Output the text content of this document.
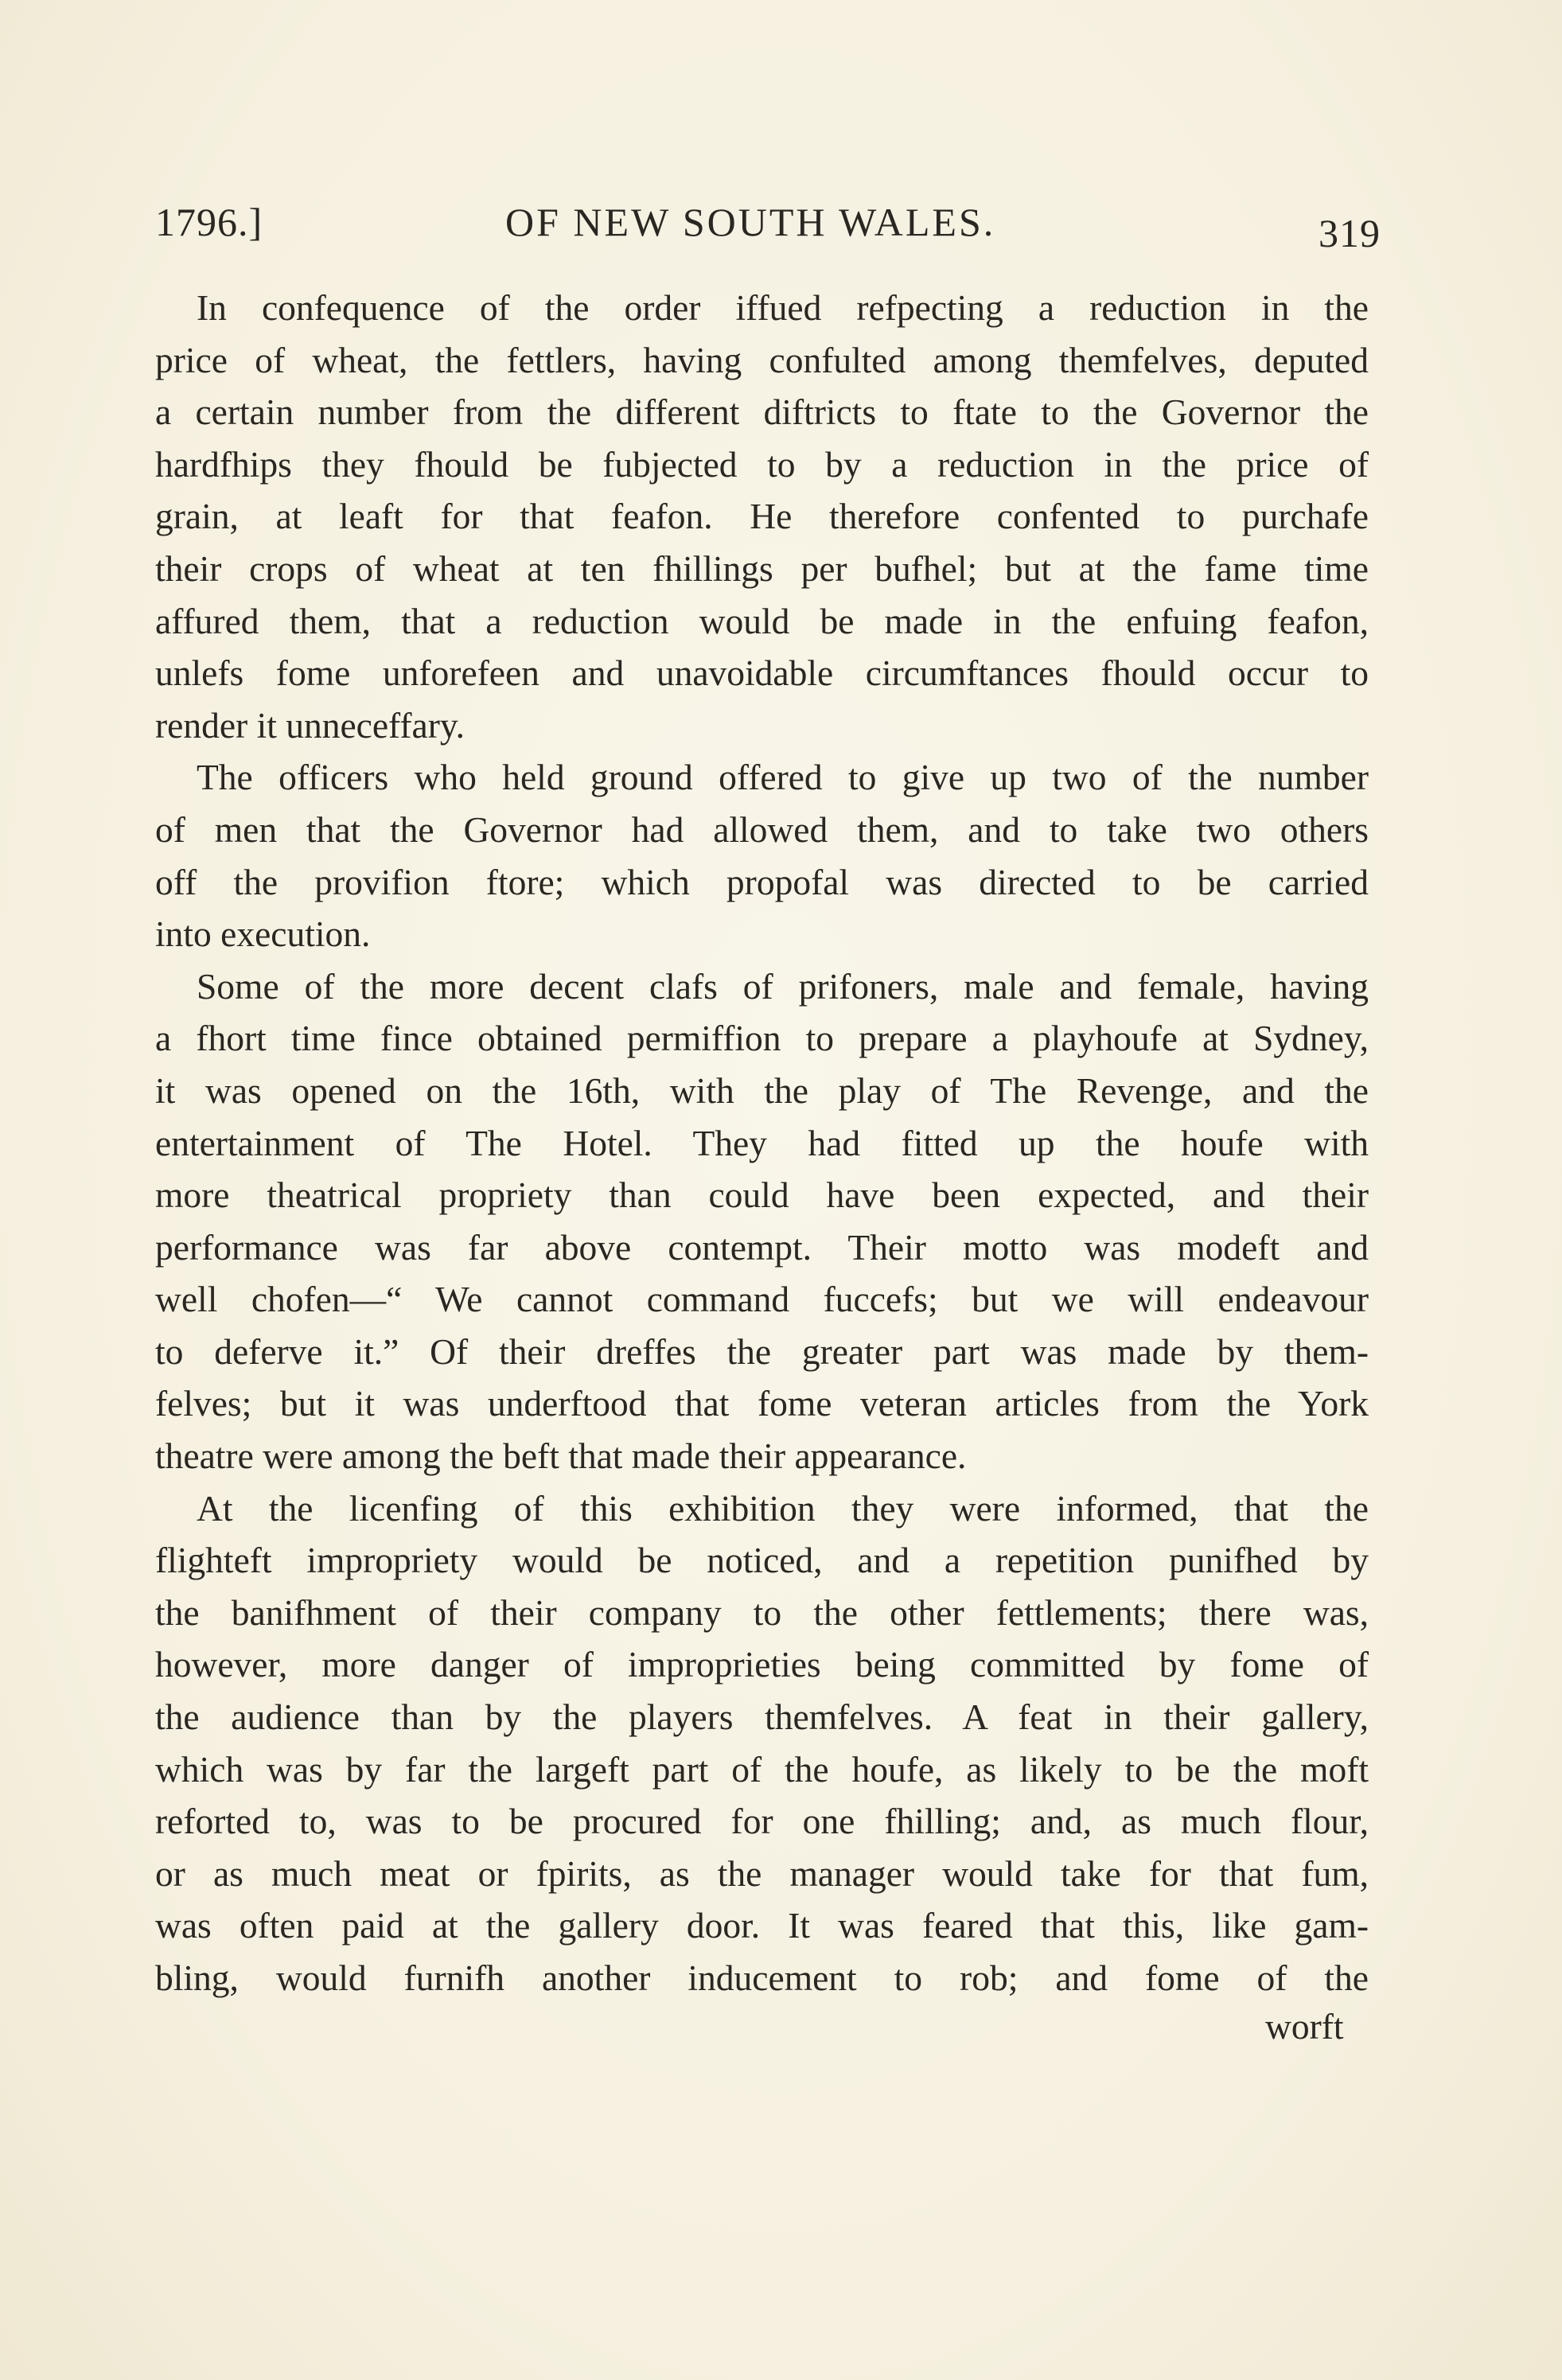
1796.]	OF NEW SOUTH WALES.	319
In confequence of the order iffued refpecting a reduction in the
price of wheat, the fettlers, having confulted among themfelves, deputed
a certain number from the different diftricts to ftate to the Governor the
hardfhips they fhould be fubjected to by a reduction in the price of
grain, at leaft for that feafon. He therefore confented to purchafe
their crops of wheat at ten fhillings per bufhel; but at the fame time
affured them, that a reduction would be made in the enfuing feafon,
unlefs fome unforefeen and unavoidable circumftances fhould occur to
render it unneceffary.
The officers who held ground offered to give up two of the number
of men that the Governor had allowed them, and to take two others
off the provifion ftore; which propofal was directed to be carried
into execution.
Some of the more decent clafs of prifoners, male and female, having
a fhort time fince obtained permiffion to prepare a playhoufe at Sydney,
it was opened on the 16th, with the play of The Revenge, and the
entertainment of The Hotel. They had fitted up the houfe with
more theatrical propriety than could have been expected, and their
performance was far above contempt. Their motto was modeft and
well chofen—“ We cannot command fuccefs; but we will endeavour
to deferve it.” Of their dreffes the greater part was made by them-
felves; but it was underftood that fome veteran articles from the York
theatre were among the beft that made their appearance.
At the licenfing of this exhibition they were informed, that the
flighteft impropriety would be noticed, and a repetition punifhed by
the banifhment of their company to the other fettlements; there was,
however, more danger of improprieties being committed by fome of
the audience than by the players themfelves. A feat in their gallery,
which was by far the largeft part of the houfe, as likely to be the moft
reforted to, was to be procured for one fhilling; and, as much flour,
or as much meat or fpirits, as the manager would take for that fum,
was often paid at the gallery door. It was feared that this, like gam-
bling, would furnifh another inducement to rob; and fome of the
worft
